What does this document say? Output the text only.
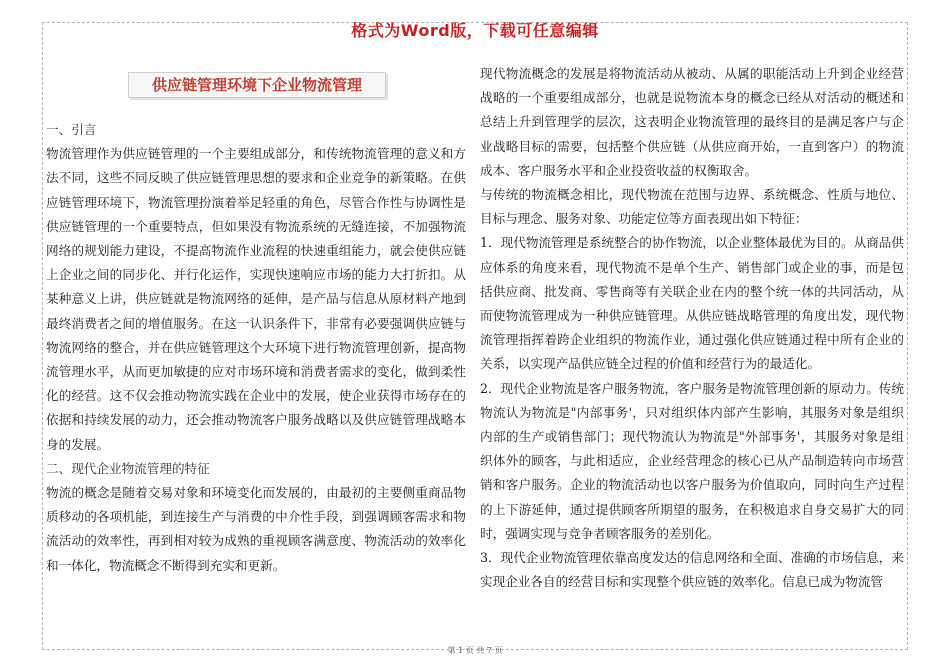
格式为Word版，下载可任意编辑
供应链管理环境下企业物流管理

一、引言

物流管理作为供应链管理的一个主要组成部分，和传统物流管理的意义和方法不同，这些不同反映了供应链管理思想的要求和企业竞争的新策略。在供应链管理环境下，物流管理扮演着举足轻重的角色，尽管合作性与协调性是供应链管理的一个重要特点，但如果没有物流系统的无缝连接，不加强物流网络的规划能力建设，不提高物流作业流程的快速重组能力，就会使供应链上企业之间的同步化、并行化运作，实现快速响应市场的能力大打折扣。从某种意义上讲，供应链就是物流网络的延伸，是产品与信息从原材料产地到最终消费者之间的增值服务。在这一认识条件下，非常有必要强调供应链与物流网络的整合，并在供应链管理这个大环境下进行物流管理创新，提高物流管理水平，从而更加敏捷的应对市场环境和消费者需求的变化，做到柔性化的经营。这不仅会推动物流实践在企业中的发展，使企业获得市场存在的依据和持续发展的动力，还会推动物流客户服务战略以及供应链管理战略本身的发展。

二、现代企业物流管理的特征

物流的概念是随着交易对象和环境变化而发展的，由最初的主要侧重商品物质移动的各项机能，到连接生产与消费的中介性手段，到强调顾客需求和物流活动的效率性，再到相对较为成熟的重视顾客满意度、物流活动的效率化和一体化，物流概念不断得到充实和更新。

现代物流概念的发展是将物流活动从被动、从属的职能活动上升到企业经营战略的一个重要组成部分，也就是说物流本身的概念已经从对活动的概述和总结上升到管理学的层次，这表明企业物流管理的最终目的是满足客户与企业战略目标的需要，包括整个供应链（从供应商开始，一直到客户）的物流成本、客户服务水平和企业投资收益的权衡取舍。

与传统的物流概念相比，现代物流在范围与边界、系统概念、性质与地位、目标与理念、服务对象、功能定位等方面表现出如下特征：

1．现代物流管理是系统整合的协作物流，以企业整体最优为目的。从商品供应体系的角度来看，现代物流不是单个生产、销售部门或企业的事，而是包括供应商、批发商、零售商等有关联企业在内的整个统一体的共同活动，从而使物流管理成为一种供应链管理。从供应链战略管理的角度出发，现代物流管理指挥着跨企业组织的物流作业，通过强化供应链通过程中所有企业的关系，以实现产品供应链全过程的价值和经营行为的最适化。

2．现代企业物流是客户服务物流，客户服务是物流管理创新的原动力。传统物流认为物流是"内部事务'，只对组织体内部产生影响，其服务对象是组织内部的生产或销售部门；现代物流认为物流是"外部事务'，其服务对象是组织体外的顾客，与此相适应，企业经营理念的核心已从产品制造转向市场营销和客户服务。企业的物流活动也以客户服务为价值取向，同时向生产过程的上下游延伸，通过提供顾客所期望的服务，在积极追求自身交易扩大的同时，强调实现与竞争者顾客服务的差别化。

3．现代企业物流管理依靠高度发达的信息网络和全面、准确的市场信息，来实现企业各自的经营目标和实现整个供应链的效率化。信息已成为物流管

第 1 页 共 7 页
